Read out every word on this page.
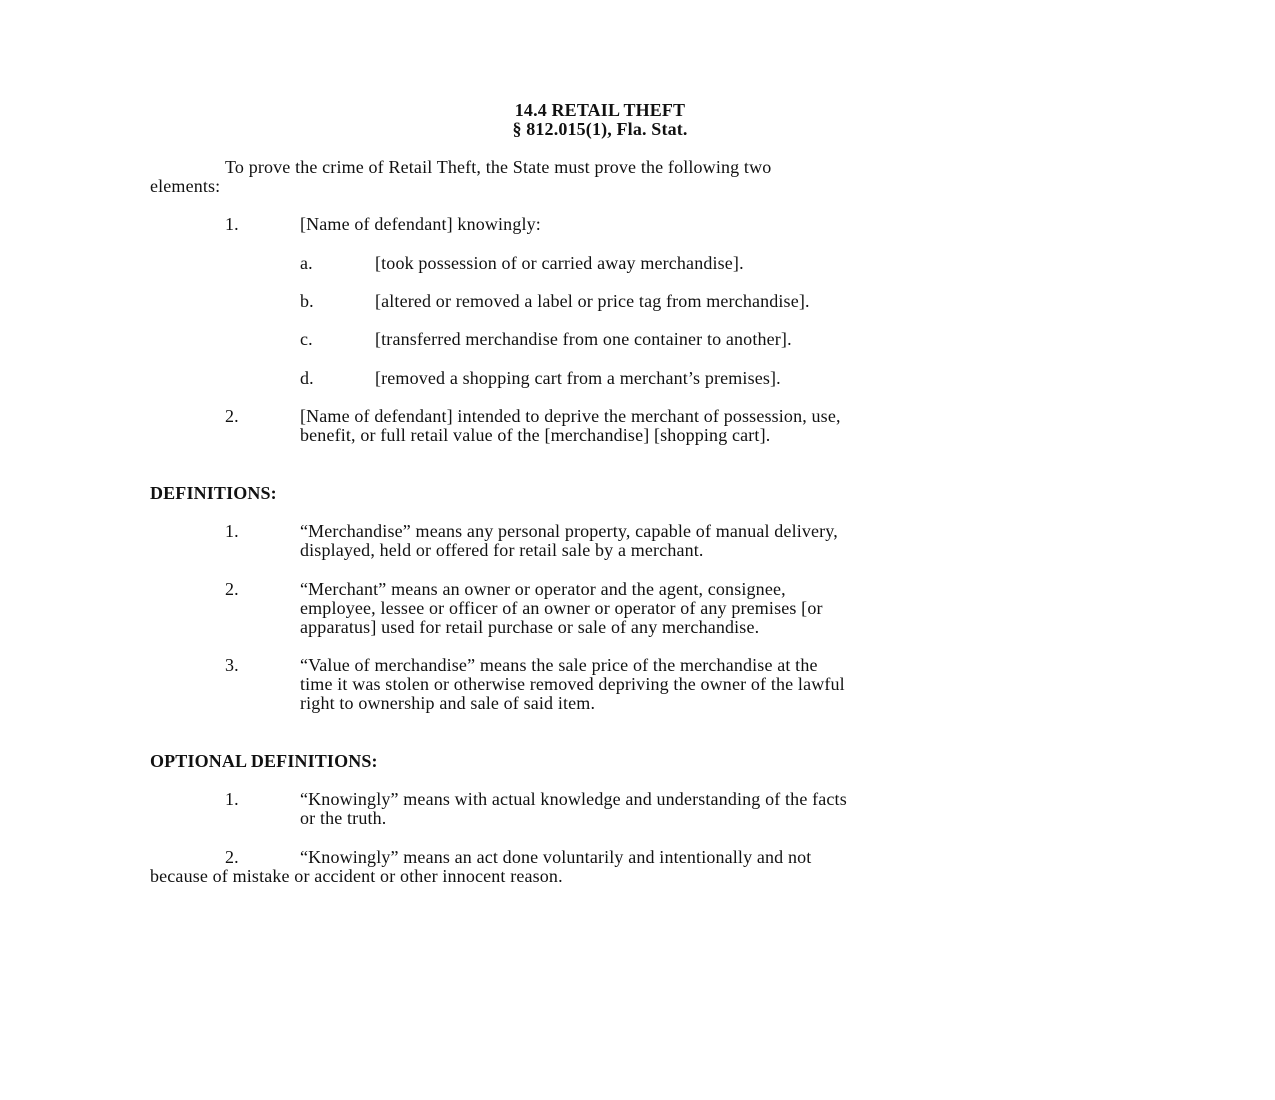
14.4 RETAIL THEFT
§ 812.015(1), Fla. Stat.
To prove the crime of Retail Theft, the State must prove the following two
elements:
1.	[Name of defendant] knowingly:
a.	[took possession of or carried away merchandise].
b.	[altered or removed a label or price tag from merchandise].
c.	[transferred merchandise from one container to another].
d.	[removed a shopping cart from a merchant’s premises].
2.	[Name of defendant] intended to deprive the merchant of possession, use,
benefit, or full retail value of the [merchandise] [shopping cart].
DEFINITIONS:
1.	“Merchandise” means any personal property, capable of manual delivery,
displayed, held or offered for retail sale by a merchant.
2.	“Merchant” means an owner or operator and the agent, consignee,
employee, lessee or officer of an owner or operator of any premises [or
apparatus] used for retail purchase or sale of any merchandise.
3.	“Value of merchandise” means the sale price of the merchandise at the
time it was stolen or otherwise removed depriving the owner of the lawful
right to ownership and sale of said item.
OPTIONAL DEFINITIONS:
1.	“Knowingly” means with actual knowledge and understanding of the facts
or the truth.
2.	“Knowingly” means an act done voluntarily and intentionally and not
because of mistake or accident or other innocent reason.
